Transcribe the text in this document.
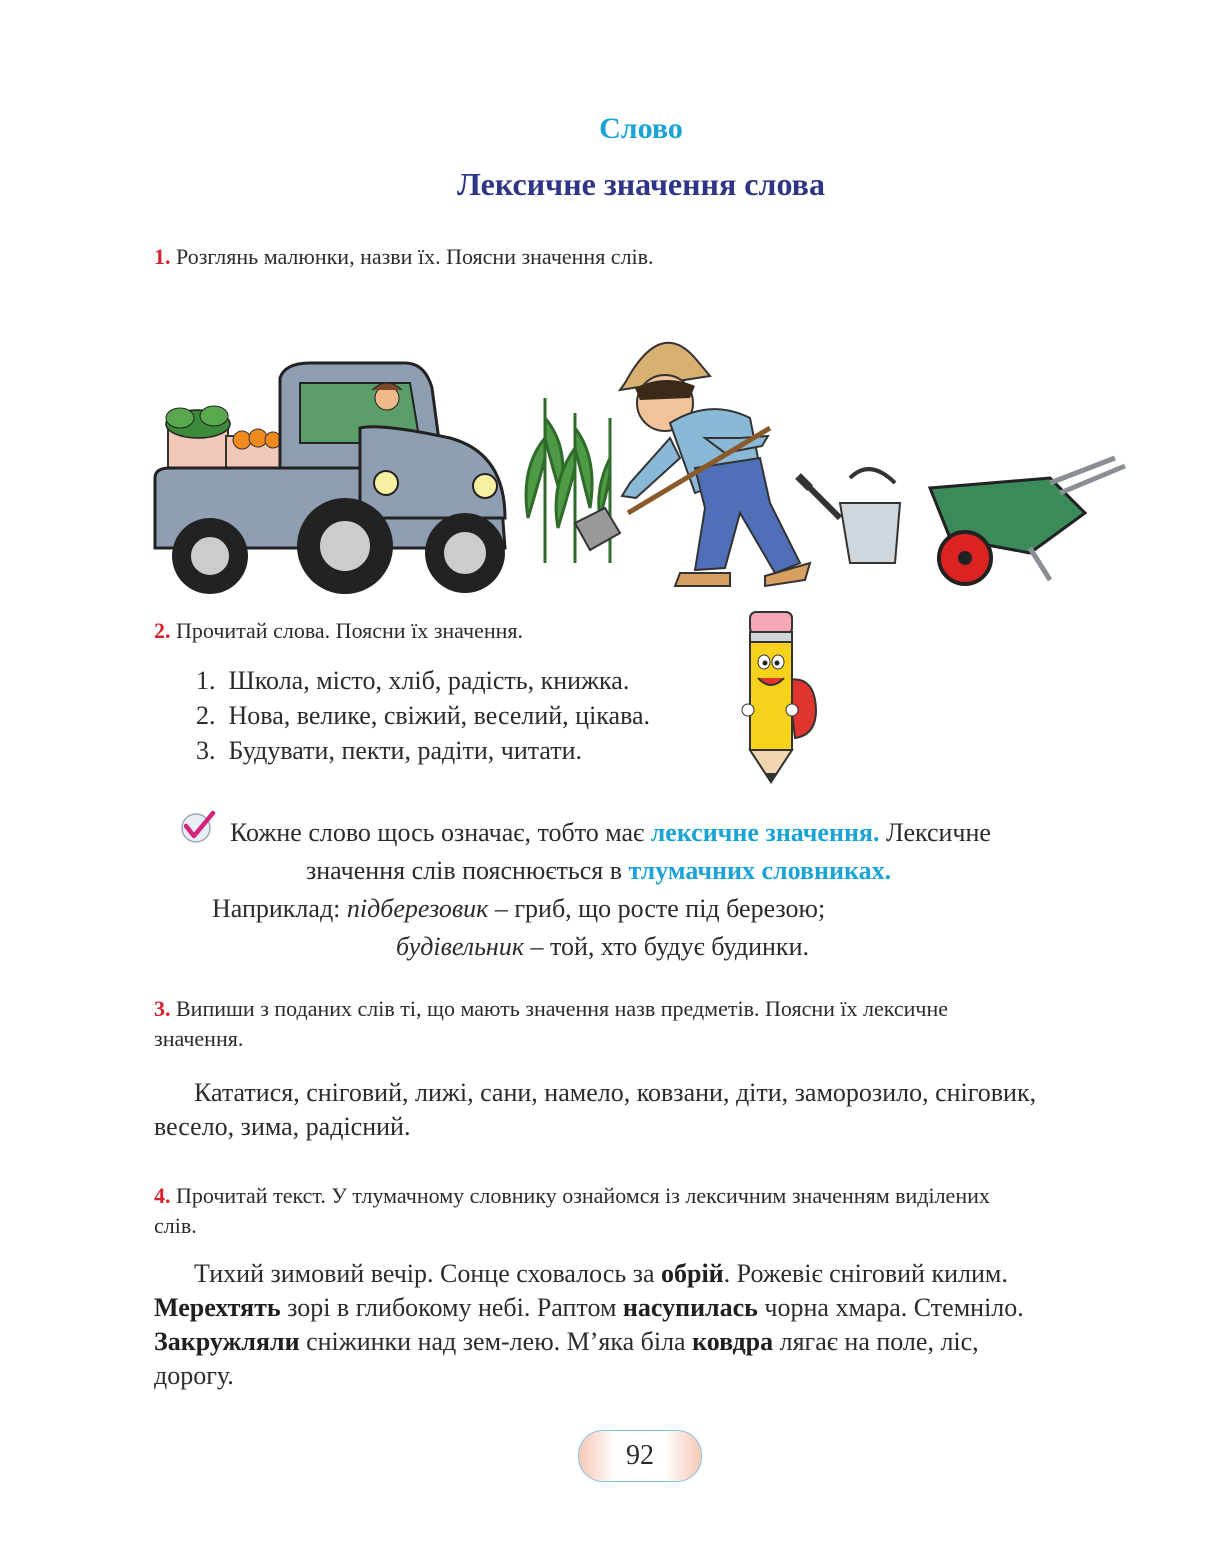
Слово
Лексичне значення слова
1. Розглянь малюнки, назви їх. Поясни значення слів.
2. Прочитай слова. Поясни їх значення.
1. Школа, місто, хліб, радість, книжка.
2. Нова, велике, свіжий, веселий, цікава.
3. Будувати, пекти, радіти, читати.
Кожне слово щось означає, тобто має лексичне значення. Лексичне
значення слів пояснюється в тлумачних словниках.
Наприклад: підберезовик – гриб, що росте під березою;
будівельник – той, хто будує будинки.
3. Випиши з поданих слів ті, що мають значення назв предметів. Поясни їх лексичне
значення.
Кататися, сніговий, лижі, сани, намело, ковзани, діти, заморозило, сніговик,
весело, зима, радісний.
4. Прочитай текст. У тлумачному словнику ознайомся із лексичним значенням виділених
слів.
Тихий зимовий вечір. Сонце сховалось за обрій. Рожевіє сніговий килим.
Мерехтять зорі в глибокому небі. Раптом насупилась чорна хмара. Стемніло.
Закружляли сніжинки над зем-лею. М’яка біла ковдра лягає на поле, ліс,
дорогу.
92
